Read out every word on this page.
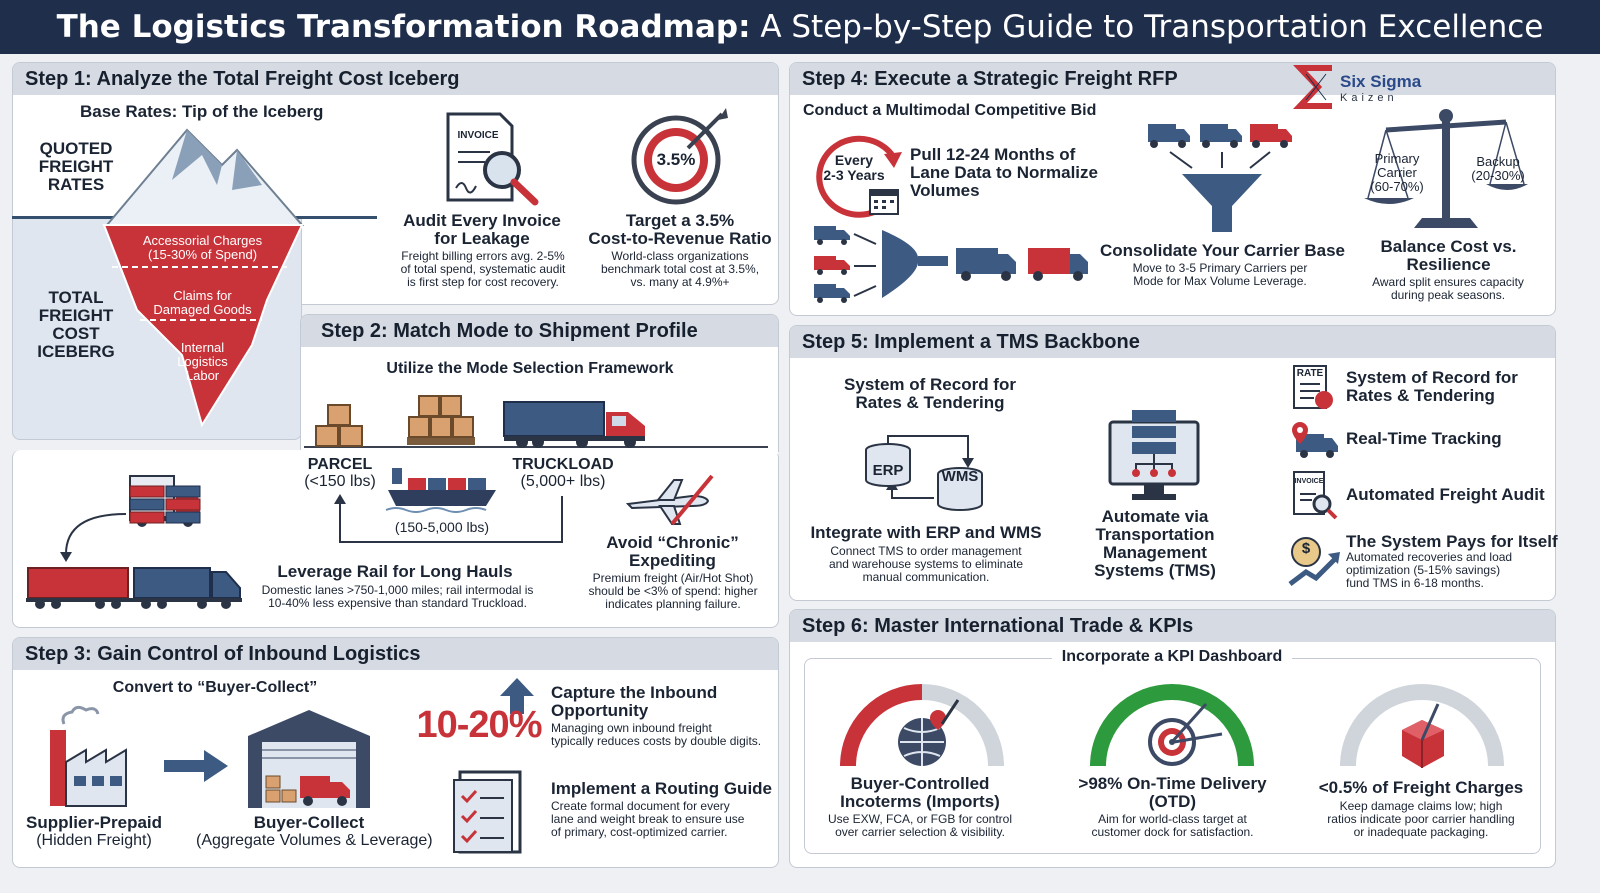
The Logistics Transformation Roadmap: A Step-by-Step Guide to Transportation Excellence
Step 1: Analyze the Total Freight Cost Iceberg
Base Rates: Tip of the Iceberg
QUOTED
FREIGHT
RATES
TOTAL
FREIGHT
COST
ICEBERG
Accessorial Charges
(15-30% of Spend)
Claims for
Damaged Goods
Internal
Logistics
Labor
INVOICE
Audit Every Invoice
for Leakage
Freight billing errors avg. 2-5%
of total spend, systematic audit
is first step for cost recovery.
3.5%
Target a 3.5%
Cost-to-Revenue Ratio
World-class organizations
benchmark total cost at 3.5%,
vs. many at 4.9%+
Step 2: Match Mode to Shipment Profile
Utilize the Mode Selection Framework
PARCEL
(<150 lbs)
TRUCKLOAD
(5,000+ lbs)
(150-5,000 lbs)
Avoid “Chronic”
Expediting
Premium freight (Air/Hot Shot)
should be <3% of spend: higher
indicates planning failure.
Leverage Rail for Long Hauls
Domestic lanes >750-1,000 miles; rail intermodal is
10-40% less expensive than standard Truckload.
Step 3: Gain Control of Inbound Logistics
Convert to “Buyer-Collect”
Supplier-Prepaid
(Hidden Freight)
Buyer-Collect
(Aggregate Volumes & Leverage)
10-20%
Capture the Inbound
Opportunity
Managing own inbound freight
typically reduces costs by double digits.
Implement a Routing Guide
Create formal document for every
lane and weight break to ensure use
of primary, cost-optimized carrier.
Step 4: Execute a Strategic Freight RFP	Six Sigma
Kaizen
Conduct a Multimodal Competitive Bid
Every
2-3 Years
Pull 12-24 Months of
Lane Data to Normalize
Volumes
Consolidate Your Carrier Base
Move to 3-5 Primary Carriers per
Mode for Max Volume Leverage.
Primary
Carrier
(60-70%)
Backup
(20-30%)
Balance Cost vs.
Resilience
Award split ensures capacity
during peak seasons.
Step 5: Implement a TMS Backbone
System of Record for
Rates & Tendering
ERP	WMS
Integrate with ERP and WMS
Connect TMS to order management
and warehouse systems to eliminate
manual communication.
Automate via
Transportation
Management
Systems (TMS)
RATE
INVOICE
$
System of Record for
Rates & Tendering
Real-Time Tracking
Automated Freight Audit
The System Pays for Itself
Automated recoveries and load
optimization (5-15% savings)
fund TMS in 6-18 months.
Step 6: Master International Trade & KPIs
Incorporate a KPI Dashboard
Buyer-Controlled
Incoterms (Imports)
Use EXW, FCA, or FGB for control
over carrier selection & visibility.
>98% On-Time Delivery
(OTD)
Aim for world-class target at
customer dock for satisfaction.
<0.5% of Freight Charges
Keep damage claims low; high
ratios indicate poor carrier handling
or inadequate packaging.
